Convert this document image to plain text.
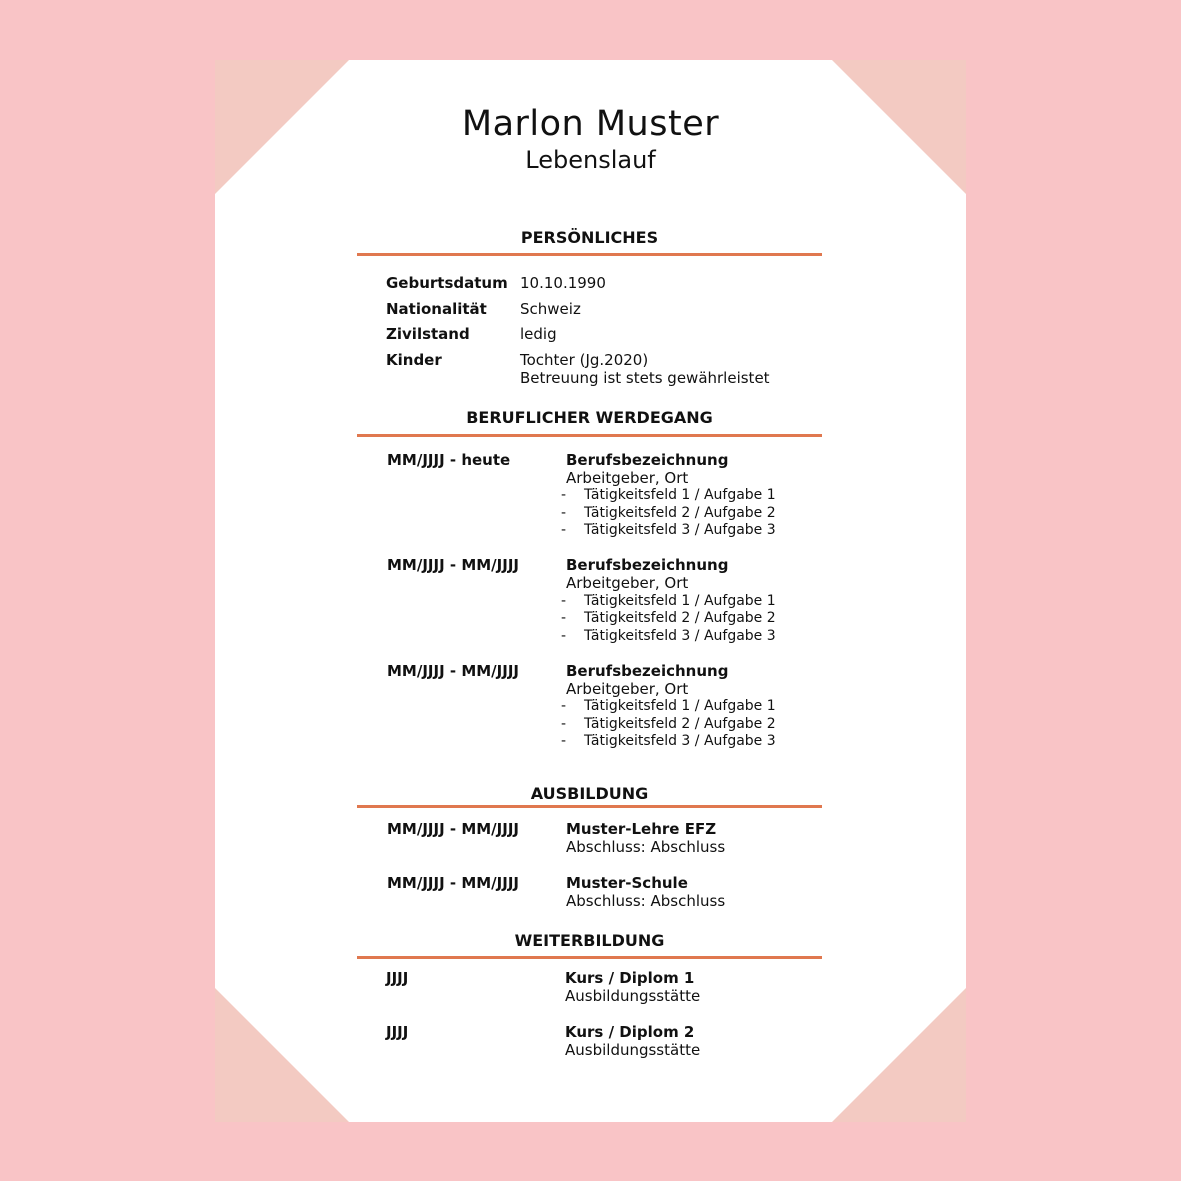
Marlon Muster
Lebenslauf
PERSÖNLICHES
Geburtsdatum 10.10.1990
Nationalität Schweiz
Zivilstand	ledig
Kinder	Tochter (Jg.2020)
Betreuung ist stets gewährleistet
BERUFLICHER WERDEGANG
MM/JJJJ - heute	Berufsbezeichnung
Arbeitgeber, Ort
- Tätigkeitsfeld 1 / Aufgabe 1
- Tätigkeitsfeld 2 / Aufgabe 2
- Tätigkeitsfeld 3 / Aufgabe 3
MM/JJJJ - MM/JJJJ	Berufsbezeichnung
Arbeitgeber, Ort
- Tätigkeitsfeld 1 / Aufgabe 1
- Tätigkeitsfeld 2 / Aufgabe 2
- Tätigkeitsfeld 3 / Aufgabe 3
MM/JJJJ - MM/JJJJ	Berufsbezeichnung
Arbeitgeber, Ort
- Tätigkeitsfeld 1 / Aufgabe 1
- Tätigkeitsfeld 2 / Aufgabe 2
- Tätigkeitsfeld 3 / Aufgabe 3
AUSBILDUNG
MM/JJJJ - MM/JJJJ	Muster-Lehre EFZ
Abschluss: Abschluss
MM/JJJJ - MM/JJJJ	Muster-Schule
Abschluss: Abschluss
WEITERBILDUNG
JJJJ	Kurs / Diplom 1
Ausbildungsstätte
JJJJ	Kurs / Diplom 2
Ausbildungsstätte
